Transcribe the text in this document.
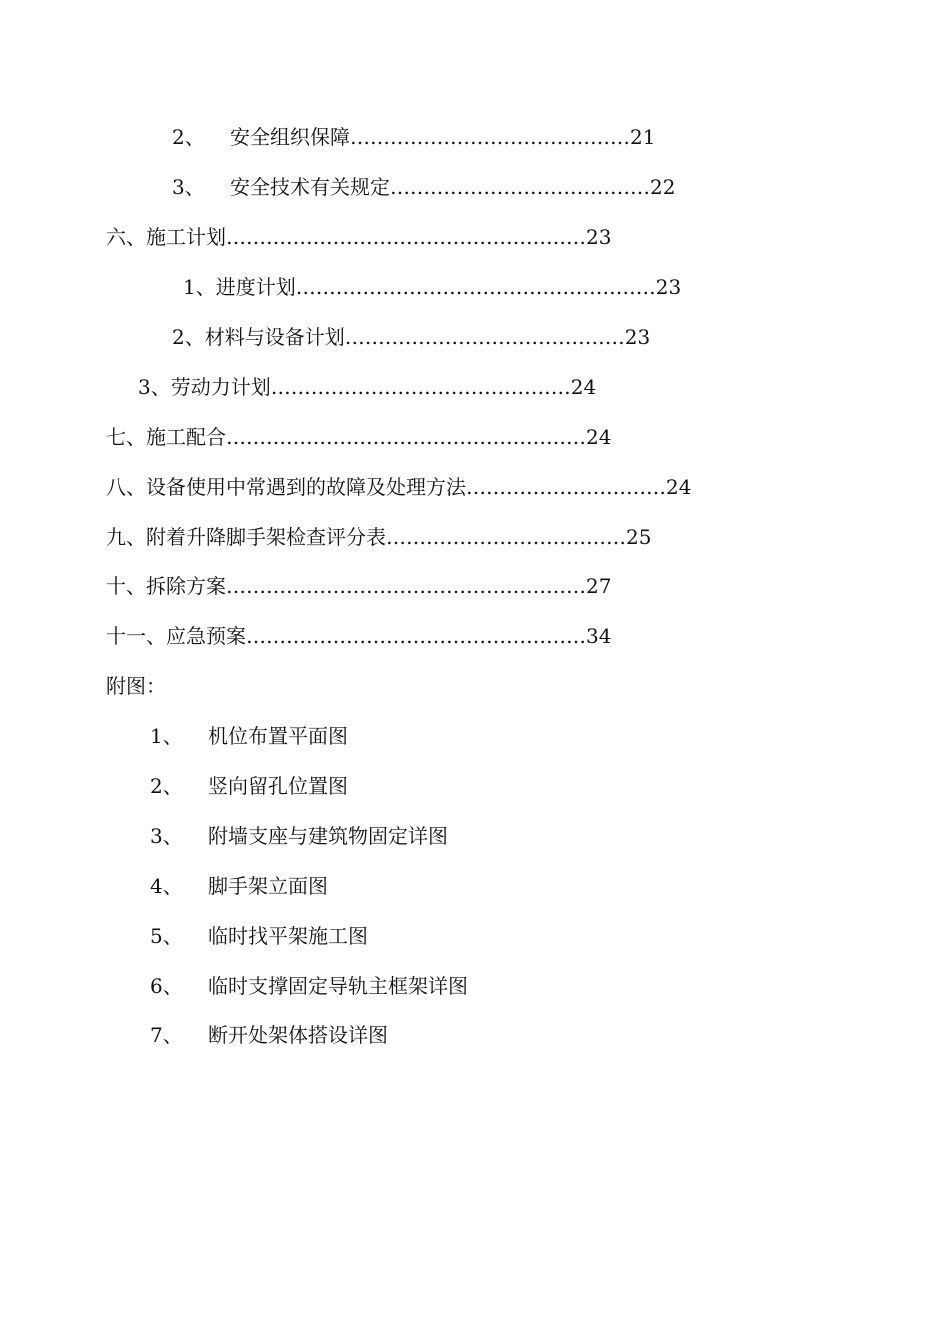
2、 安全组织保障……………………………………21
3、 安全技术有关规定…………………………………22
六、施工计划………………………………………………23
1、进度计划………………………………………………23
2、材料与设备计划……………………………………23
3、劳动力计划………………………………………24
七、施工配合………………………………………………24
八、设备使用中常遇到的故障及处理方法…………………………24
九、附着升降脚手架检查评分表………………………………25
十、拆除方案………………………………………………27
十一、应急预案……………………………………………34
附图：
1、 机位布置平面图
2、 竖向留孔位置图
3、 附墙支座与建筑物固定详图
4、 脚手架立面图
5、 临时找平架施工图
6、 临时支撑固定导轨主框架详图
7、 断开处架体搭设详图
